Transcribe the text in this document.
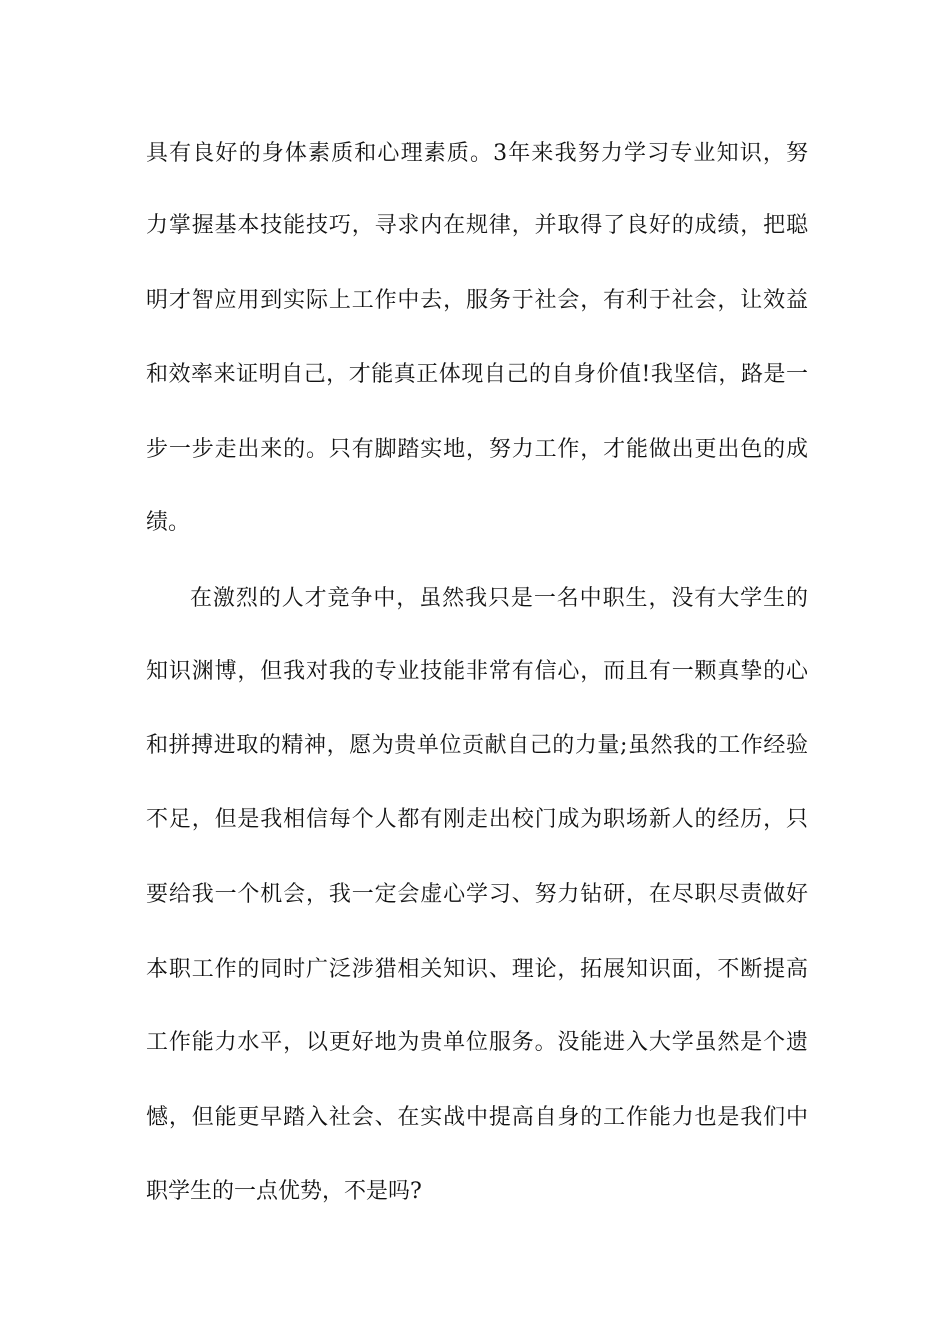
具有良好的身体素质和心理素质。3年来我努力学习专业知识，努
力掌握基本技能技巧，寻求内在规律，并取得了良好的成绩，把聪
明才智应用到实际上工作中去，服务于社会，有利于社会，让效益
和效率来证明自己，才能真正体现自己的自身价值!我坚信，路是一
步一步走出来的。只有脚踏实地，努力工作，才能做出更出色的成
绩。
在激烈的人才竞争中，虽然我只是一名中职生，没有大学生的
知识渊博，但我对我的专业技能非常有信心，而且有一颗真挚的心
和拼搏进取的精神，愿为贵单位贡献自己的力量;虽然我的工作经验
不足，但是我相信每个人都有刚走出校门成为职场新人的经历，只
要给我一个机会，我一定会虚心学习、努力钻研，在尽职尽责做好
本职工作的同时广泛涉猎相关知识、理论，拓展知识面，不断提高
工作能力水平，以更好地为贵单位服务。没能进入大学虽然是个遗
憾，但能更早踏入社会、在实战中提高自身的工作能力也是我们中
职学生的一点优势，不是吗?
